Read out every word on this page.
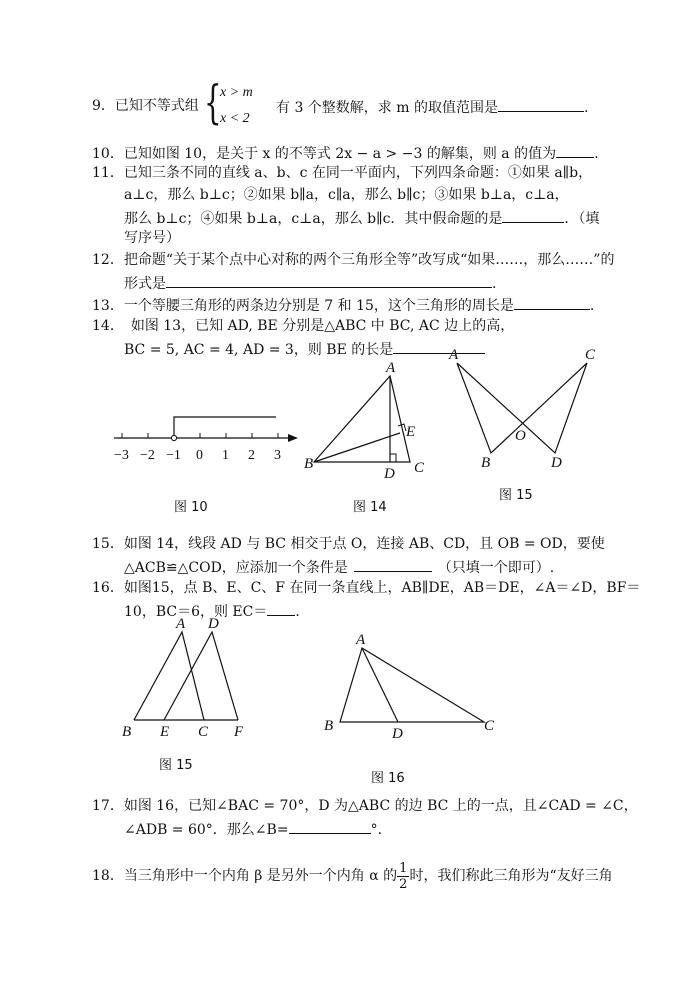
9．已知不等式组 {
x > m
x < 2
有 3 个整数解，求 m 的取值范围是	.
10．已知如图 10，是关于 x 的不等式 2x − a > −3 的解集，则 a 的值为	.
11．已知三条不同的直线 a、b、c 在同一平面内，下列四条命题：①如果 a∥b，
a⊥c，那么 b⊥c；②如果 b∥a，c∥a，那么 b∥c；③如果 b⊥a，c⊥a，
那么 b⊥c；④如果 b⊥a，c⊥a，那么 b∥c．其中假命题的是	．（填
写序号）
12．把命题“关于某个点中心对称的两个三角形全等”改写成“如果……，那么……”的
形式是	.
13．一个等腰三角形的两条边分别是 7 和 15，这个三角形的周长是	.
14．　如图 13，已知 AD, BE 分别是△ABC 中 BC, AC 边上的高，
BC = 5, AC = 4, AD = 3，则 BE 的长是
−3 −2 −1 0 1 2 3
图 10
A
B	C
D
E
图 14
A	C
O
B	D
图 15
15．如图 14，线段 AD 与 BC 相交于点 O，连接 AB、CD，且 OB = OD，要使
△ACB≌△COD，应添加一个条件是	（只填一个即可）.
16．如图15，点 B、E、C、F 在同一条直线上，AB∥DE，AB＝DE，∠A＝∠D，BF＝
10，BC＝6，则 EC＝ .
A D
B E C F
图 15
A
B	D	C
图 16
17．如图 16，已知∠BAC = 70°，D 为△ABC 的边 BC 上的一点，且∠CAD = ∠C，
∠ADB = 60°．那么∠B=	°．
18．当三角形中一个内角 β 是另外一个内角 α 的 $\frac{1}{2}$ 时，我们称此三角形为“友好三角
